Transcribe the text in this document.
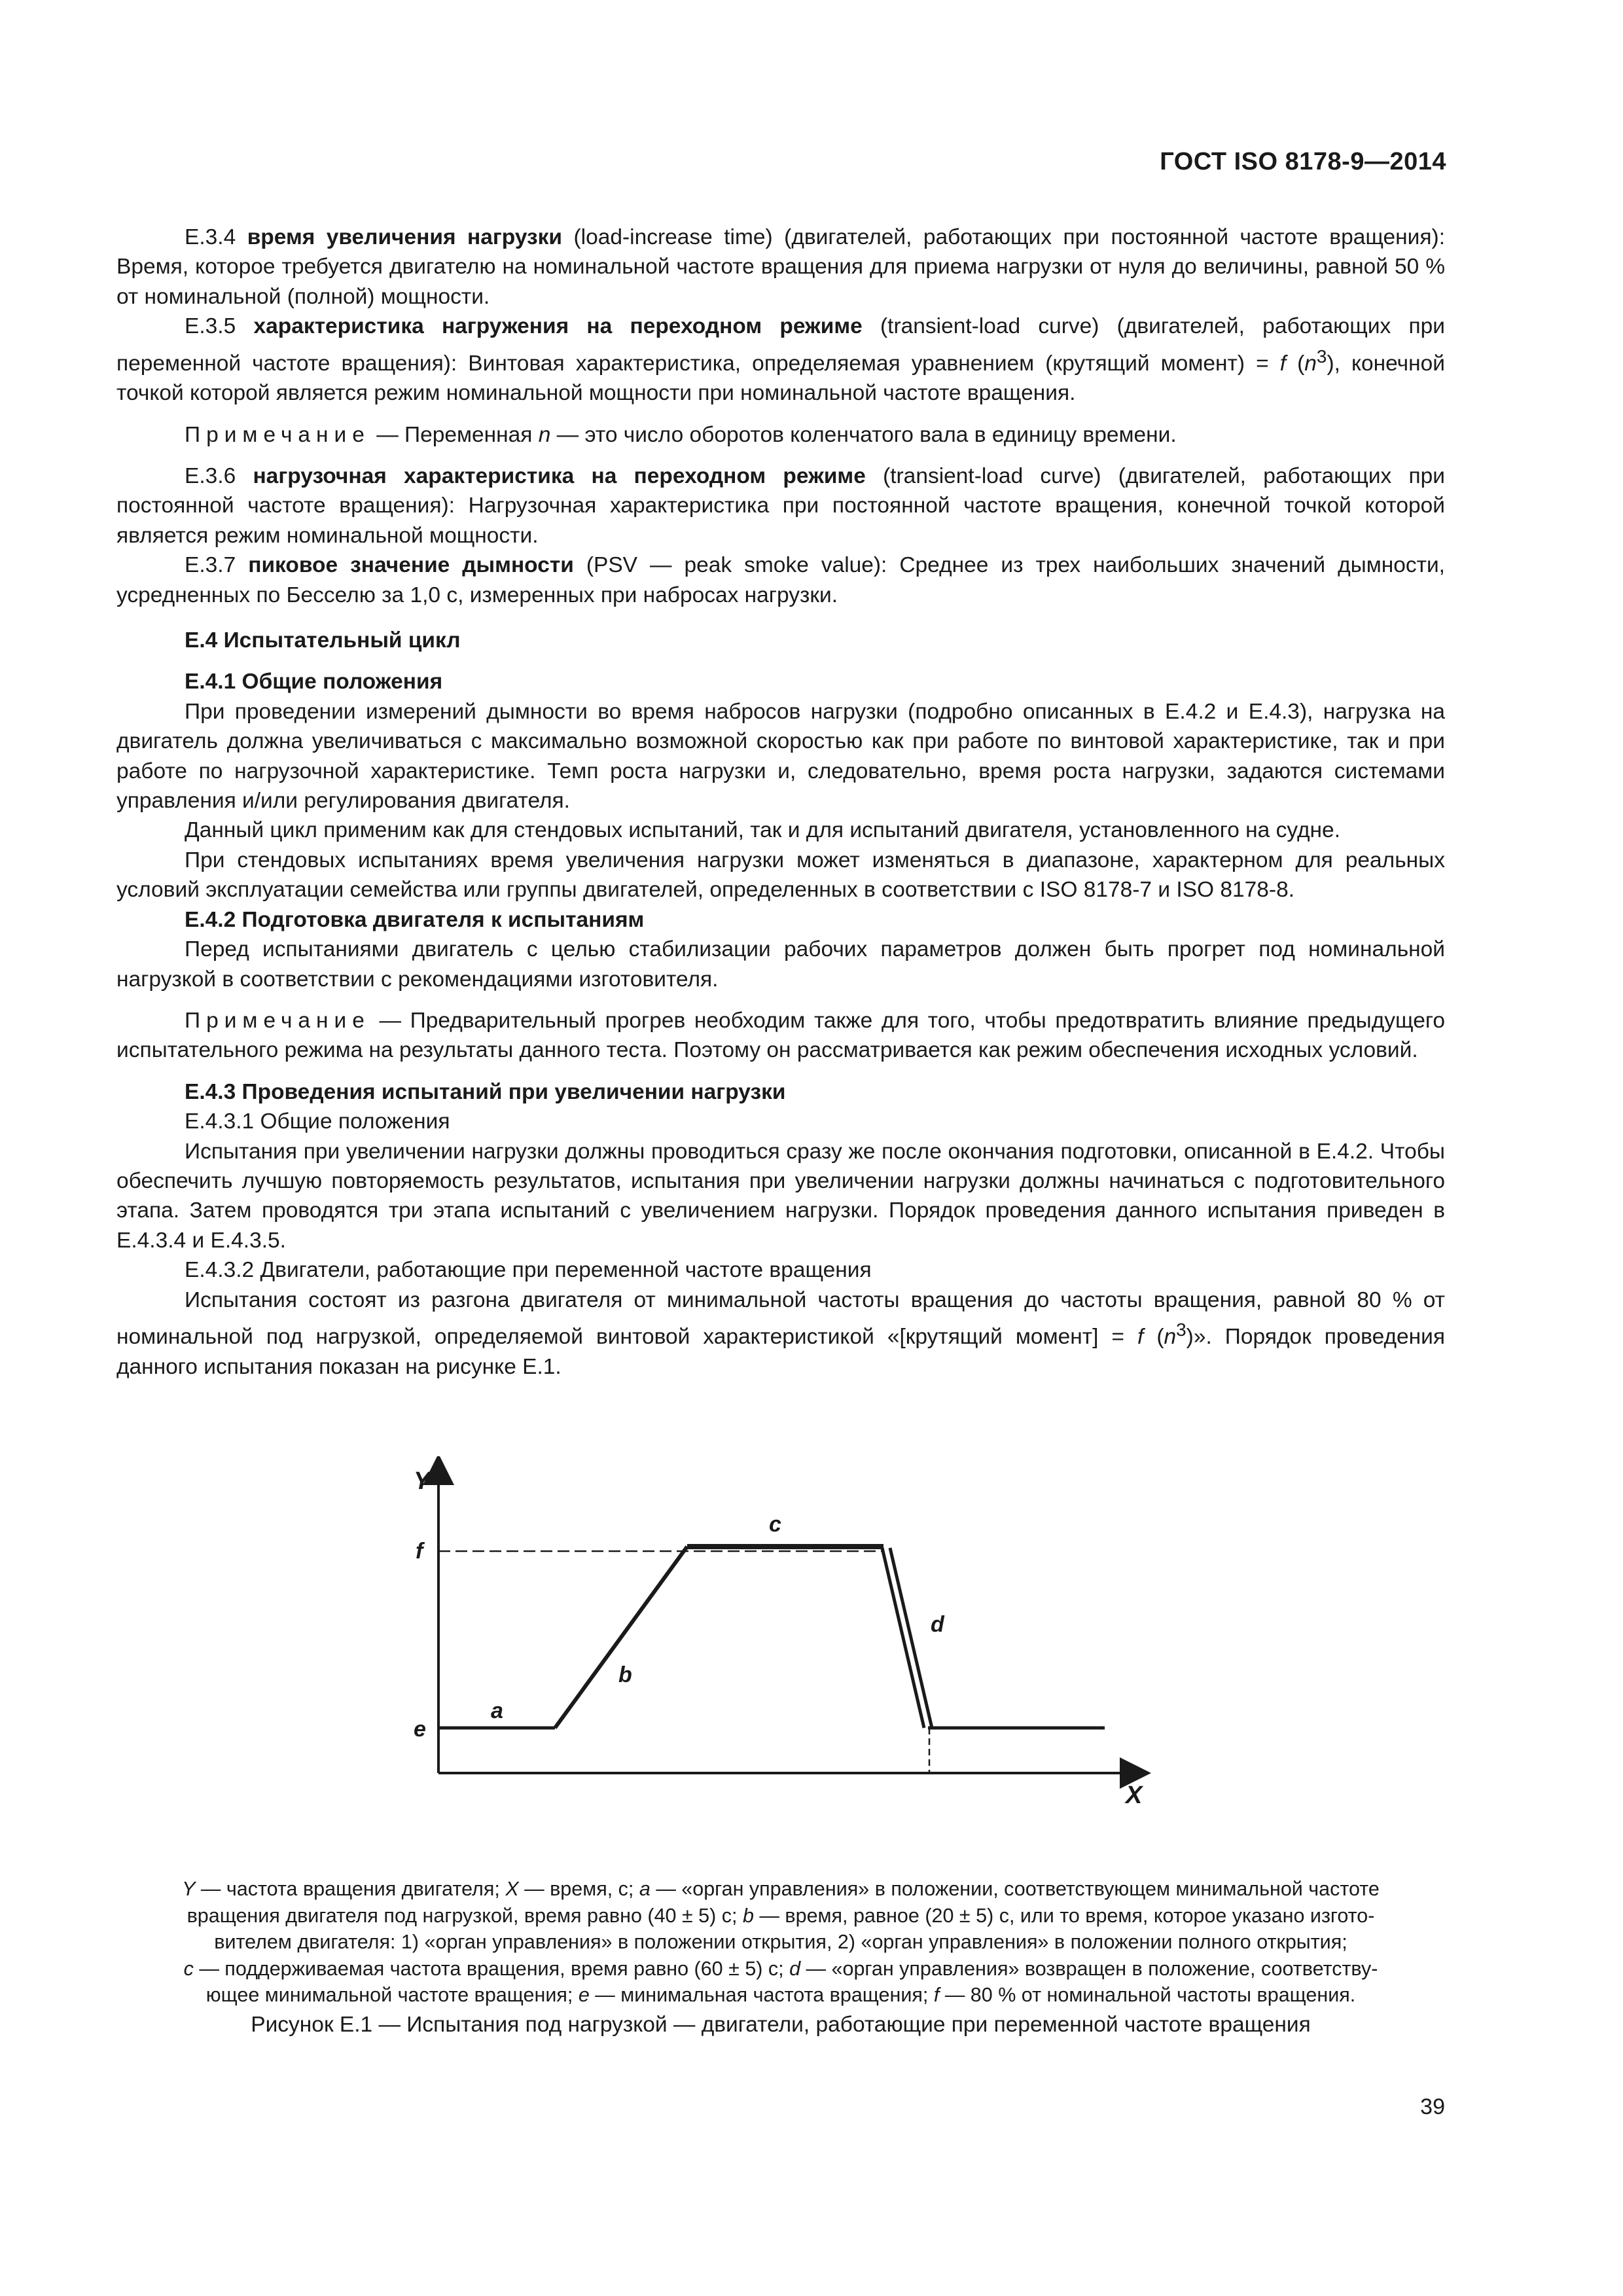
ГОСТ ISO 8178-9—2014

Е.3.4 время увеличения нагрузки (load-increase time) (двигателей, работающих при постоянной частоте вращения): Время, которое требуется двигателю на номинальной частоте вращения для приема нагрузки от нуля до величины, равной 50 % от номинальной (полной) мощности.

Е.3.5 характеристика нагружения на переходном режиме (transient-load curve) (двигателей, работающих при переменной частоте вращения): Винтовая характеристика, определяемая уравнением (крутящий момент) = f $(n^3)$, конечной точкой которой является режим номинальной мощности при номинальной частоте вращения.

Примечание — Переменная n — это число оборотов коленчатого вала в единицу времени.

Е.3.6 нагрузочная характеристика на переходном режиме (transient-load curve) (двигателей, работающих при постоянной частоте вращения): Нагрузочная характеристика при постоянной частоте вращения, конечной точкой которой является режим номинальной мощности.

Е.3.7 пиковое значение дымности (PSV — peak smoke value): Среднее из трех наибольших значений дымности, усредненных по Бесселю за 1,0 с, измеренных при набросах нагрузки.

Е.4 Испытательный цикл

Е.4.1 Общие положения

При проведении измерений дымности во время набросов нагрузки (подробно описанных в Е.4.2 и Е.4.3), нагрузка на двигатель должна увеличиваться с максимально возможной скоростью как при работе по винтовой характеристике, так и при работе по нагрузочной характеристике. Темп роста нагрузки и, следовательно, время роста нагрузки, задаются системами управления и/или регулирования двигателя.

Данный цикл применим как для стендовых испытаний, так и для испытаний двигателя, установленного на судне.

При стендовых испытаниях время увеличения нагрузки может изменяться в диапазоне, характерном для реальных условий эксплуатации семейства или группы двигателей, определенных в соответствии с ISO 8178-7 и ISO 8178-8.

Е.4.2 Подготовка двигателя к испытаниям

Перед испытаниями двигатель с целью стабилизации рабочих параметров должен быть прогрет под номинальной нагрузкой в соответствии с рекомендациями изготовителя.

Примечание — Предварительный прогрев необходим также для того, чтобы предотвратить влияние предыдущего испытательного режима на результаты данного теста. Поэтому он рассматривается как режим обеспечения исходных условий.

Е.4.3 Проведения испытаний при увеличении нагрузки

Е.4.3.1 Общие положения

Испытания при увеличении нагрузки должны проводиться сразу же после окончания подготовки, описанной в Е.4.2. Чтобы обеспечить лучшую повторяемость результатов, испытания при увеличении нагрузки должны начинаться с подготовительного этапа. Затем проводятся три этапа испытаний с увеличением нагрузки. Порядок проведения данного испытания приведен в Е.4.3.4 и Е.4.3.5.

Е.4.3.2 Двигатели, работающие при переменной частоте вращения

Испытания состоят из разгона двигателя от минимальной частоты вращения до частоты вращения, равной 80 % от номинальной под нагрузкой, определяемой винтовой характеристикой «[крутящий момент] = f $(n^3)$». Порядок проведения данного испытания показан на рисунке Е.1.

Y
X
f
e
a
b
c
d

Y — частота вращения двигателя; X — время, с; a — «орган управления» в положении, соответствующем минимальной частоте

вращения двигателя под нагрузкой, время равно (40 ± 5) с; b — время, равное (20 ± 5) с, или то время, которое указано изгото-

вителем двигателя: 1) «орган управления» в положении открытия, 2) «орган управления» в положении полного открытия;

c — поддерживаемая частота вращения, время равно (60 ± 5) с; d — «орган управления» возвращен в положение, соответству-

ющее минимальной частоте вращения; e — минимальная частота вращения; f — 80 % от номинальной частоты вращения.

Рисунок Е.1 — Испытания под нагрузкой — двигатели, работающие при переменной частоте вращения
39
